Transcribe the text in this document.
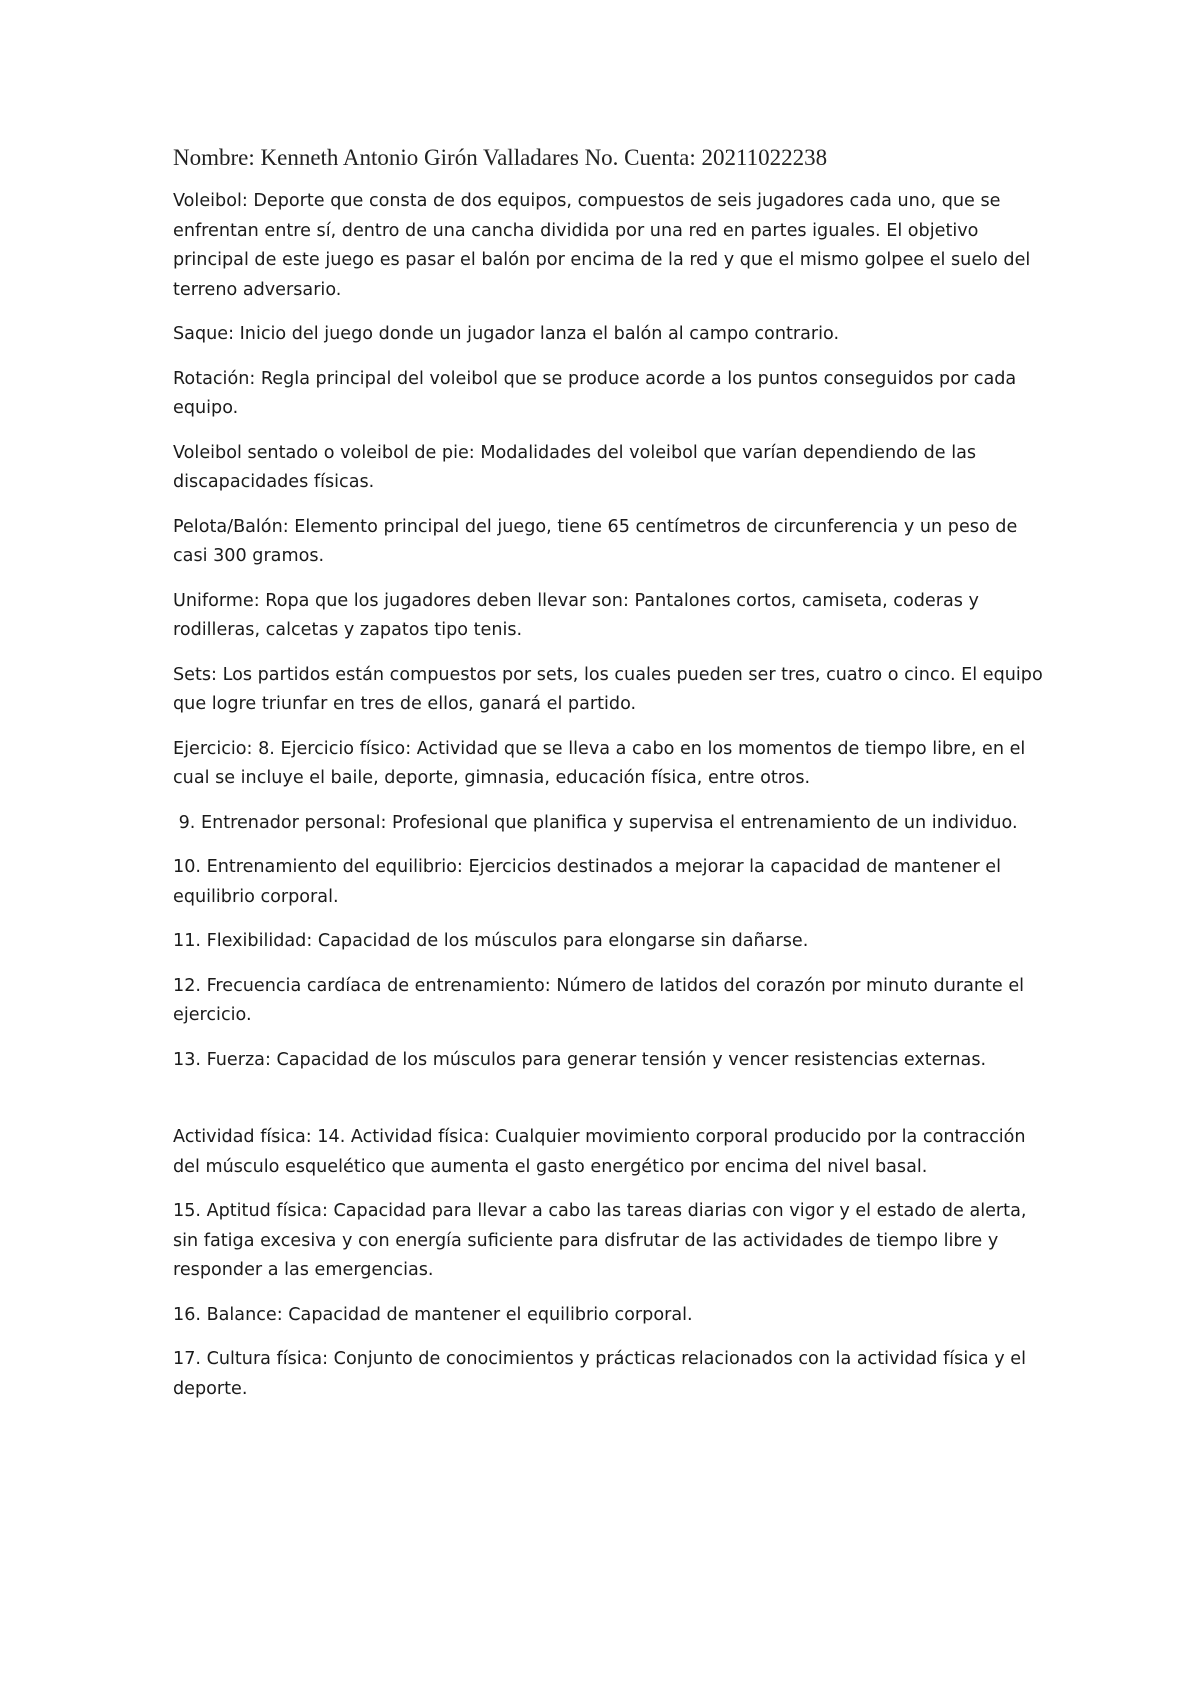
Nombre: Kenneth Antonio Girón Valladares No. Cuenta: 20211022238

Voleibol: Deporte que consta de dos equipos, compuestos de seis jugadores cada uno, que se enfrentan entre sí, dentro de una cancha dividida por una red en partes iguales. El objetivo principal de este juego es pasar el balón por encima de la red y que el mismo golpee el suelo del terreno adversario.

Saque: Inicio del juego donde un jugador lanza el balón al campo contrario.

Rotación: Regla principal del voleibol que se produce acorde a los puntos conseguidos por cada equipo.

Voleibol sentado o voleibol de pie: Modalidades del voleibol que varían dependiendo de las discapacidades físicas.

Pelota/Balón: Elemento principal del juego, tiene 65 centímetros de circunferencia y un peso de casi 300 gramos.

Uniforme: Ropa que los jugadores deben llevar son: Pantalones cortos, camiseta, coderas y rodilleras, calcetas y zapatos tipo tenis.

Sets: Los partidos están compuestos por sets, los cuales pueden ser tres, cuatro o cinco. El equipo que logre triunfar en tres de ellos, ganará el partido.

Ejercicio: 8. Ejercicio físico: Actividad que se lleva a cabo en los momentos de tiempo libre, en el cual se incluye el baile, deporte, gimnasia, educación física, entre otros.

9. Entrenador personal: Profesional que planifica y supervisa el entrenamiento de un individuo.

10. Entrenamiento del equilibrio: Ejercicios destinados a mejorar la capacidad de mantener el equilibrio corporal.

11. Flexibilidad: Capacidad de los músculos para elongarse sin dañarse.

12. Frecuencia cardíaca de entrenamiento: Número de latidos del corazón por minuto durante el ejercicio.

13. Fuerza: Capacidad de los músculos para generar tensión y vencer resistencias externas.

Actividad física: 14. Actividad física: Cualquier movimiento corporal producido por la contracción del músculo esquelético que aumenta el gasto energético por encima del nivel basal.

15. Aptitud física: Capacidad para llevar a cabo las tareas diarias con vigor y el estado de alerta, sin fatiga excesiva y con energía suficiente para disfrutar de las actividades de tiempo libre y responder a las emergencias.

16. Balance: Capacidad de mantener el equilibrio corporal.

17. Cultura física: Conjunto de conocimientos y prácticas relacionados con la actividad física y el deporte.
